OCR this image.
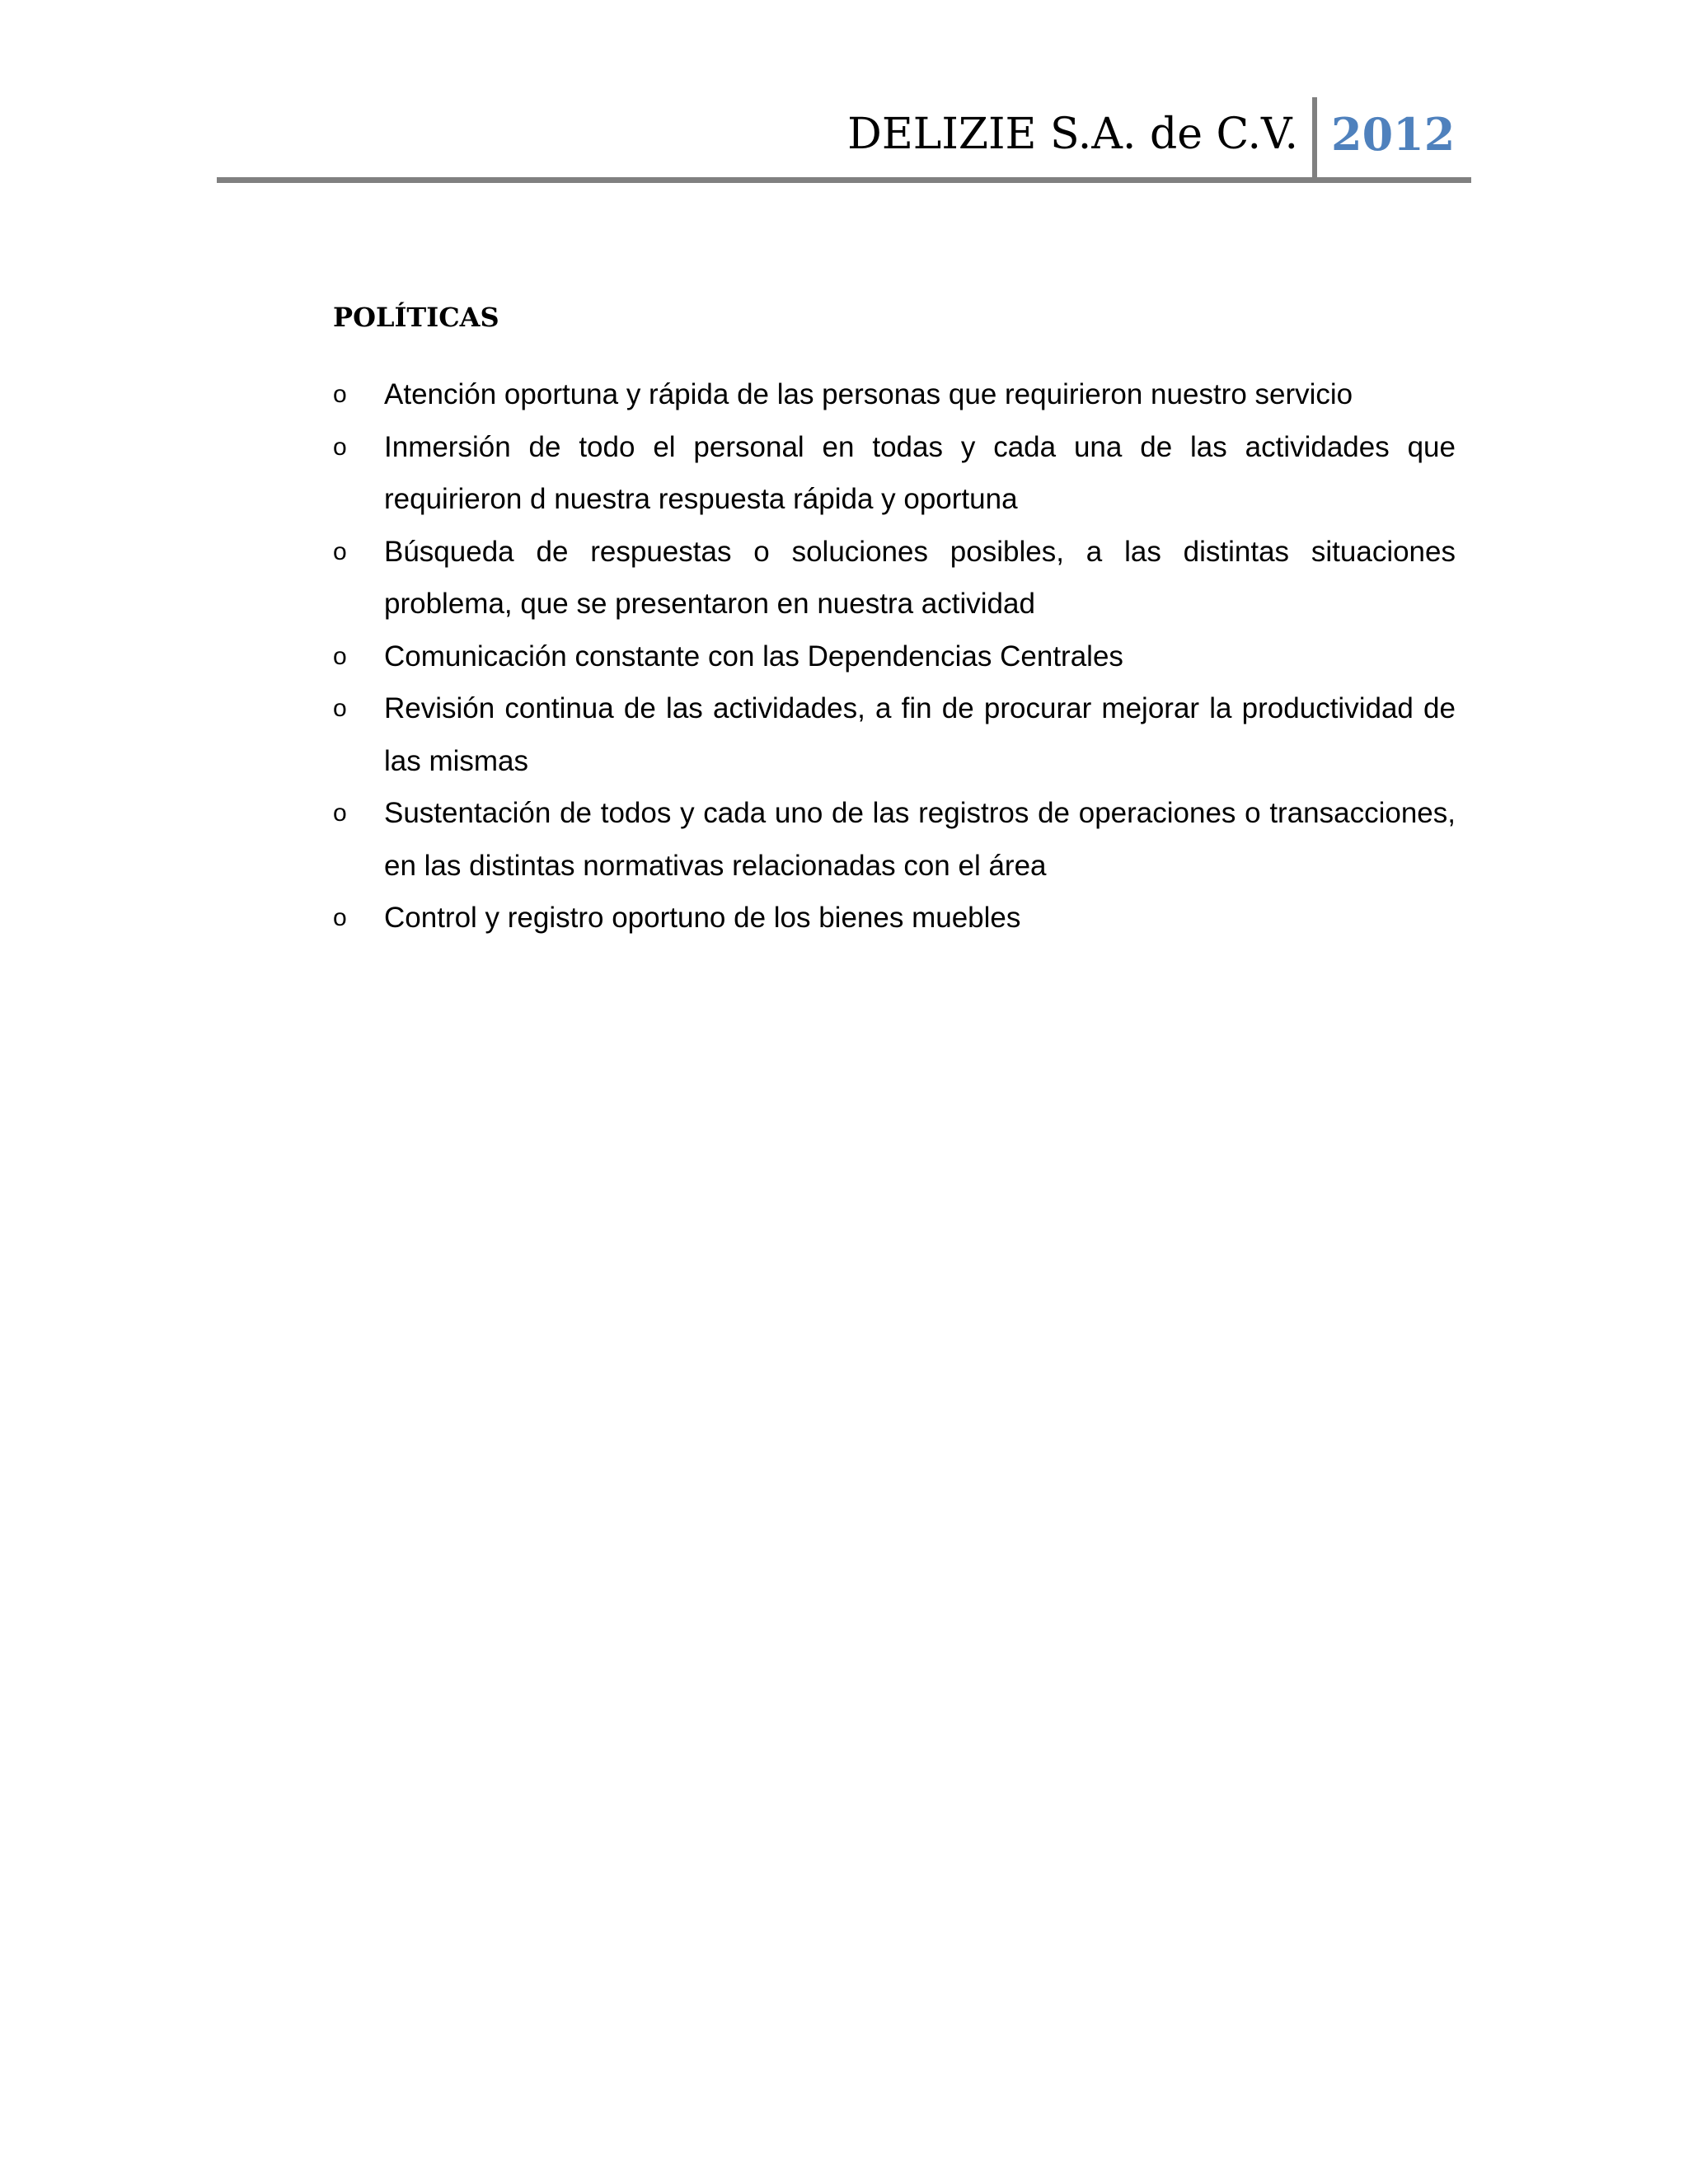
DELIZIE S.A. de C.V. 2012
POLÍTICAS
o Atención oportuna y rápida de las personas que requirieron nuestro servicio
o Inmersión de todo el personal en todas y cada una de las actividades que requirieron d nuestra respuesta rápida y oportuna
o Búsqueda de respuestas o soluciones posibles, a las distintas situaciones problema, que se presentaron en nuestra actividad
o Comunicación constante con las Dependencias Centrales
o Revisión continua de las actividades, a fin de procurar mejorar la productividad de las mismas
o Sustentación de todos y cada uno de las registros de operaciones o transacciones, en las distintas normativas relacionadas con el área
o Control y registro oportuno de los bienes muebles
